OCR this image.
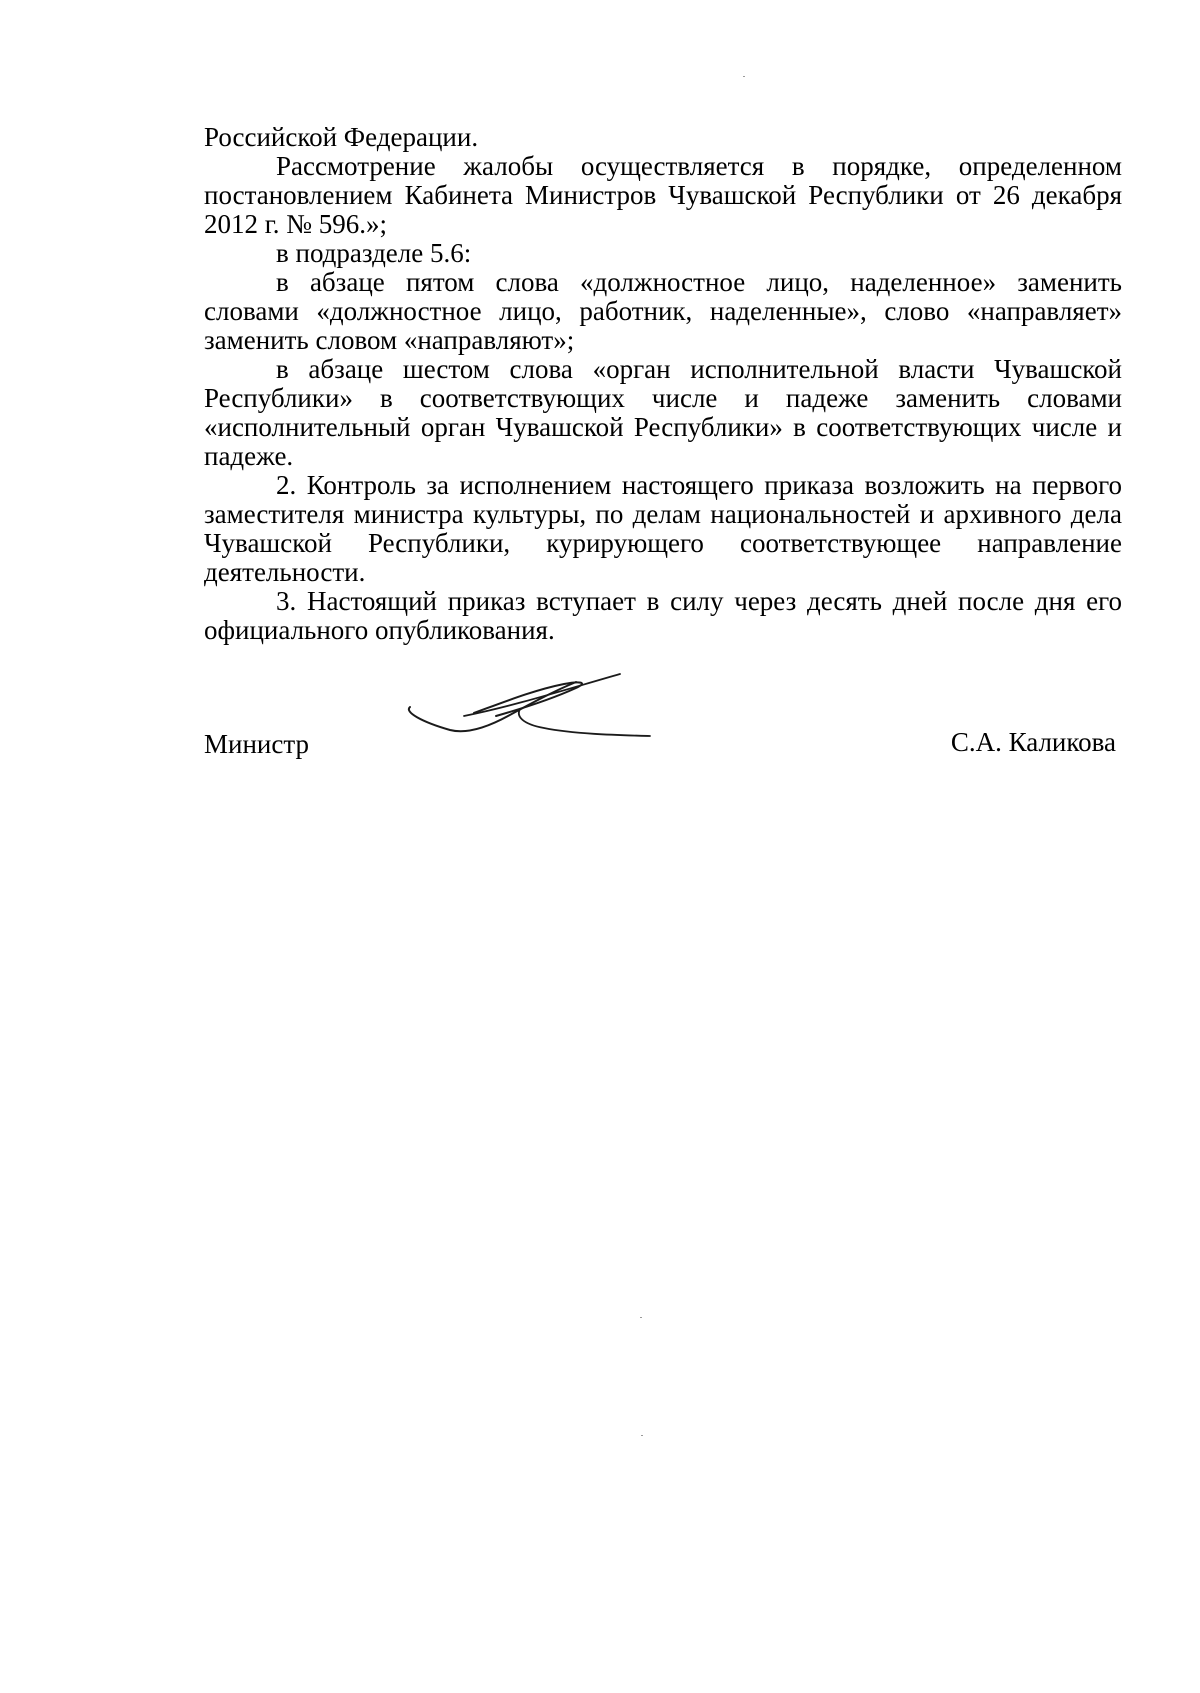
Российской Федерации.

Рассмотрение жалобы осуществляется в порядке, определенном постановлением Кабинета Министров Чувашской Республики от 26 декабря 2012 г. № 596.»;

в подразделе 5.6:

в абзаце пятом слова «должностное лицо, наделенное» заменить словами «должностное лицо, работник, наделенные», слово «направляет» заменить словом «направляют»;

в абзаце шестом слова «орган исполнительной власти Чувашской Республики» в соответствующих числе и падеже заменить словами «исполнительный орган Чувашской Республики» в соответствующих числе и падеже.

2. Контроль за исполнением настоящего приказа возложить на первого заместителя министра культуры, по делам национальностей и архивного дела Чувашской Республики, курирующего соответствующее направление деятельности.

3. Настоящий приказ вступает в силу через десять дней после дня его официального опубликования.

Министр	С.А. Каликова
